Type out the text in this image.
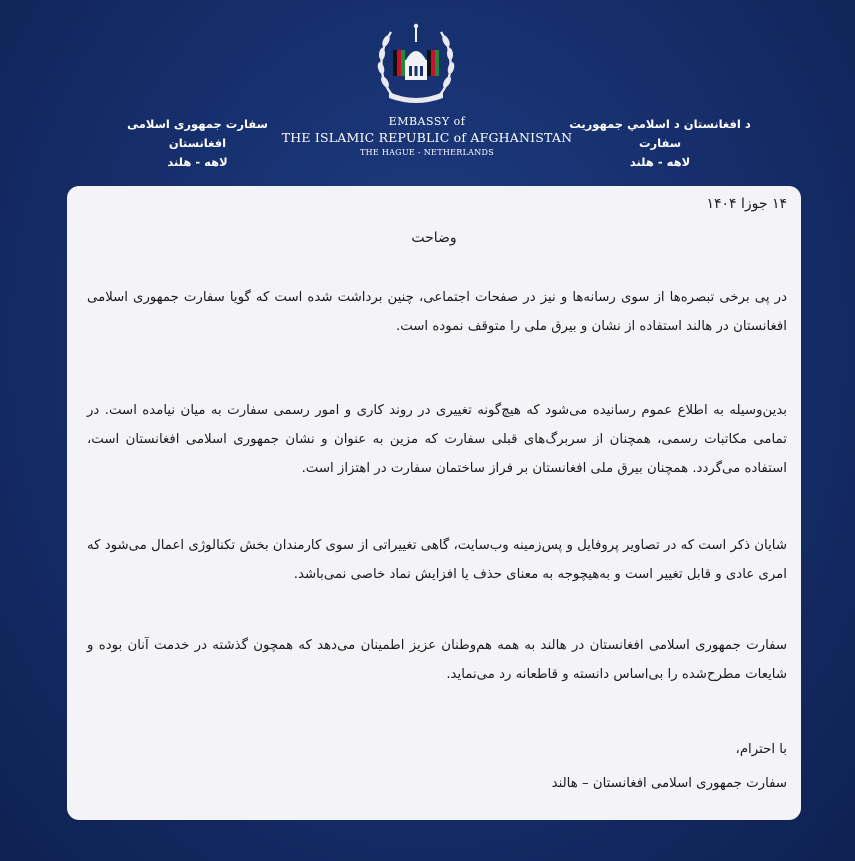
سفارت جمهوری اسلامی افغانستان
لاهه - هلند
EMBASSY of
THE ISLAMIC REPUBLIC of AFGHANISTAN
THE HAGUE - NETHERLANDS
د افغانستان د اسلامي جمهوريت سفارت
لاهه - هلند
۱۴ جوزا ۱۴۰۴
وضاحت
در پی برخی تبصره‌ها از سوی رسانه‌ها و نیز در صفحات اجتماعی، چنین برداشت شده است که گویا سفارت جمهوری اسلامی افغانستان در هالند استفاده از نشان و بیرق ملی را متوقف نموده است.
بدین‌وسیله به اطلاع عموم رسانیده می‌شود که هیچ‌گونه تغییری در روند کاری و امور رسمی سفارت به میان نیامده است. در تمامی مکاتبات رسمی، همچنان از سربرگ‌های قبلی سفارت که مزین به عنوان و نشان جمهوری اسلامی افغانستان است، استفاده می‌گردد. همچنان بیرق ملی افغانستان بر فراز ساختمان سفارت در اهتزاز است.
شایان ذکر است که در تصاویر پروفایل و پس‌زمینه وب‌سایت، گاهی تغییراتی از سوی کارمندان بخش تکنالوژی اعمال می‌شود که امری عادی و قابل تغییر است و به‌هیچوجه به معنای حذف یا افزایش نماد خاصی نمی‌باشد.
سفارت جمهوری اسلامی افغانستان در هالند به همه هم‌وطنان عزیز اطمینان می‌دهد که همچون گذشته در خدمت آنان بوده و شایعات مطرح‌شده را بی‌اساس دانسته و قاطعانه رد می‌نماید.
با احترام،
سفارت جمهوری اسلامی افغانستان – هالند
